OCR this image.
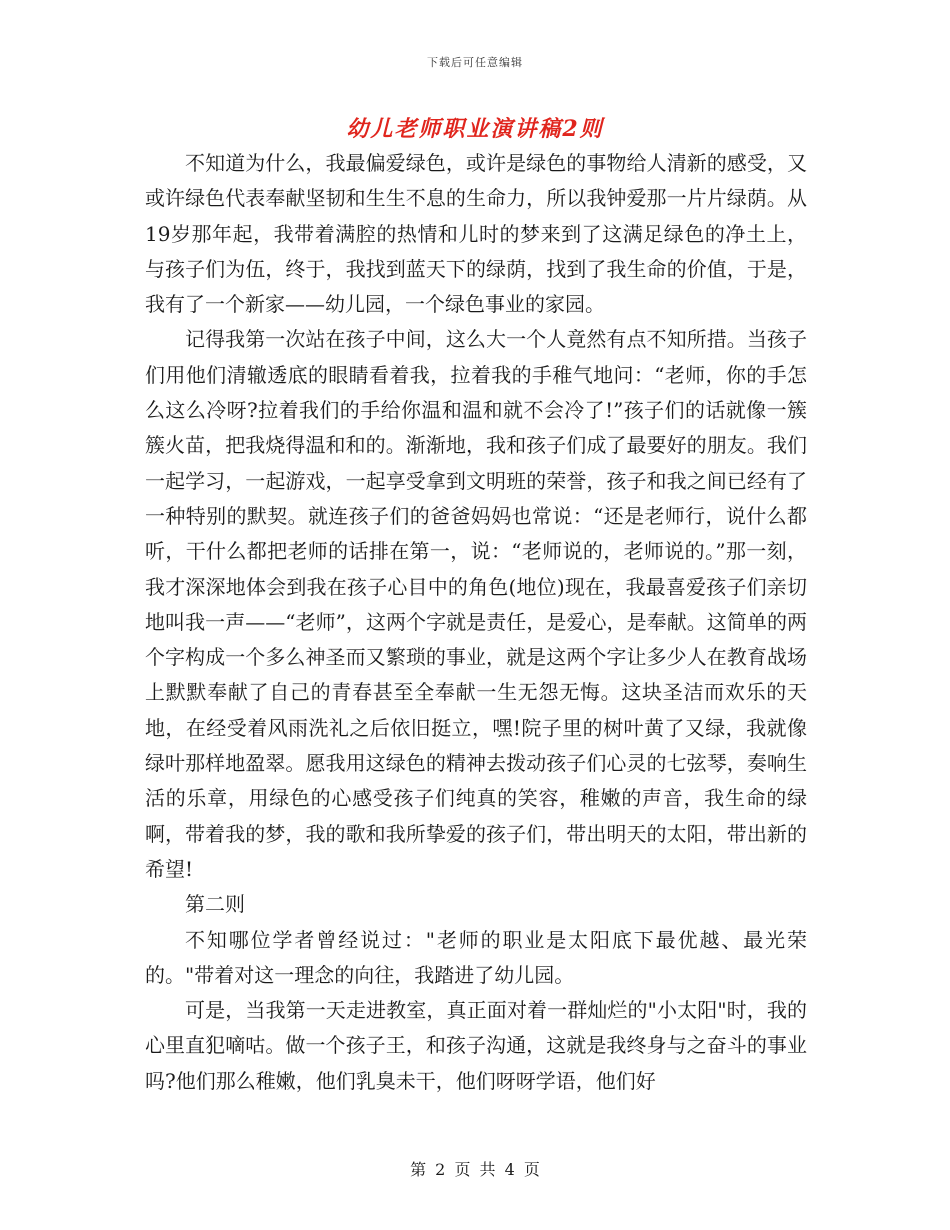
下载后可任意编辑
幼儿老师职业演讲稿2则

不知道为什么，我最偏爱绿色，或许是绿色的事物给人清新的感受，又或许绿色代表奉献坚韧和生生不息的生命力，所以我钟爱那一片片绿荫。从19岁那年起，我带着满腔的热情和儿时的梦来到了这满足绿色的净土上，与孩子们为伍，终于，我找到蓝天下的绿荫，找到了我生命的价值，于是，我有了一个新家——幼儿园，一个绿色事业的家园。

记得我第一次站在孩子中间，这么大一个人竟然有点不知所措。当孩子们用他们清辙透底的眼睛看着我，拉着我的手稚气地问：“老师，你的手怎么这么冷呀?拉着我们的手给你温和温和就不会冷了!”孩子们的话就像一簇簇火苗，把我烧得温和和的。渐渐地，我和孩子们成了最要好的朋友。我们一起学习，一起游戏，一起享受拿到文明班的荣誉，孩子和我之间已经有了一种特别的默契。就连孩子们的爸爸妈妈也常说：“还是老师行，说什么都听，干什么都把老师的话排在第一，说：“老师说的，老师说的。”那一刻，我才深深地体会到我在孩子心目中的角色(地位)现在，我最喜爱孩子们亲切地叫我一声——“老师”，这两个字就是责任，是爱心，是奉献。这简单的两个字构成一个多么神圣而又繁琐的事业，就是这两个字让多少人在教育战场上默默奉献了自己的青春甚至全奉献一生无怨无悔。这块圣洁而欢乐的天地，在经受着风雨洗礼之后依旧挺立，嘿!院子里的树叶黄了又绿，我就像绿叶那样地盈翠。愿我用这绿色的精神去拨动孩子们心灵的七弦琴，奏响生活的乐章，用绿色的心感受孩子们纯真的笑容，稚嫩的声音，我生命的绿啊，带着我的梦，我的歌和我所挚爱的孩子们，带出明天的太阳，带出新的希望!

第二则

不知哪位学者曾经说过："老师的职业是太阳底下最优越、最光荣的。"带着对这一理念的向往，我踏进了幼儿园。

可是，当我第一天走进教室，真正面对着一群灿烂的"小太阳"时，我的心里直犯嘀咕。做一个孩子王，和孩子沟通，这就是我终身与之奋斗的事业吗?他们那么稚嫩，他们乳臭未干，他们呀呀学语，他们好

第 2 页 共 4 页
